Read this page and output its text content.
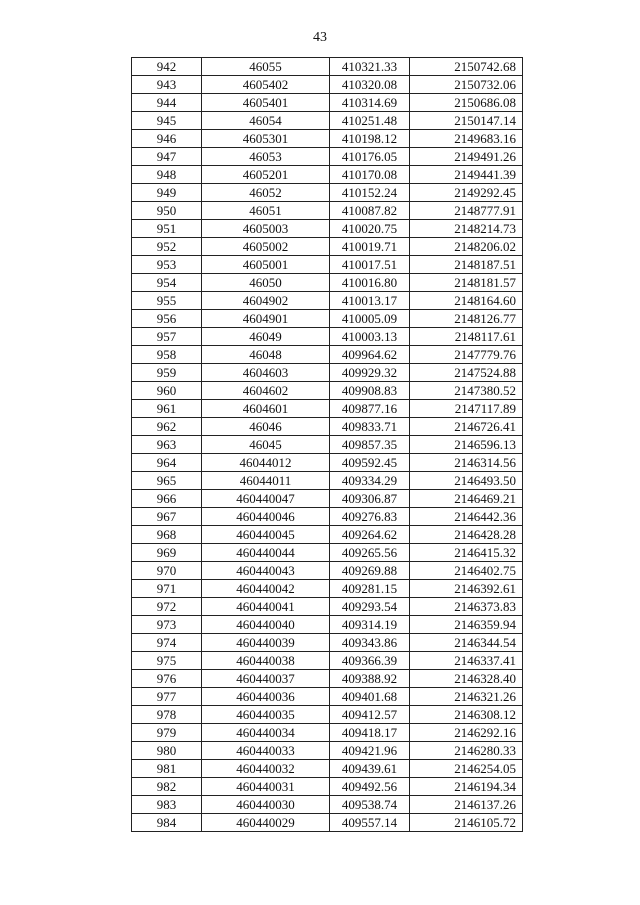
43
942	46055	410321.33	2150742.68
943	4605402	410320.08	2150732.06
944	4605401	410314.69	2150686.08
945	46054	410251.48	2150147.14
946	4605301	410198.12	2149683.16
947	46053	410176.05	2149491.26
948	4605201	410170.08	2149441.39
949	46052	410152.24	2149292.45
950	46051	410087.82	2148777.91
951	4605003	410020.75	2148214.73
952	4605002	410019.71	2148206.02
953	4605001	410017.51	2148187.51
954	46050	410016.80	2148181.57
955	4604902	410013.17	2148164.60
956	4604901	410005.09	2148126.77
957	46049	410003.13	2148117.61
958	46048	409964.62	2147779.76
959	4604603	409929.32	2147524.88
960	4604602	409908.83	2147380.52
961	4604601	409877.16	2147117.89
962	46046	409833.71	2146726.41
963	46045	409857.35	2146596.13
964	46044012	409592.45	2146314.56
965	46044011	409334.29	2146493.50
966	460440047	409306.87	2146469.21
967	460440046	409276.83	2146442.36
968	460440045	409264.62	2146428.28
969	460440044	409265.56	2146415.32
970	460440043	409269.88	2146402.75
971	460440042	409281.15	2146392.61
972	460440041	409293.54	2146373.83
973	460440040	409314.19	2146359.94
974	460440039	409343.86	2146344.54
975	460440038	409366.39	2146337.41
976	460440037	409388.92	2146328.40
977	460440036	409401.68	2146321.26
978	460440035	409412.57	2146308.12
979	460440034	409418.17	2146292.16
980	460440033	409421.96	2146280.33
981	460440032	409439.61	2146254.05
982	460440031	409492.56	2146194.34
983	460440030	409538.74	2146137.26
984	460440029	409557.14	2146105.72
